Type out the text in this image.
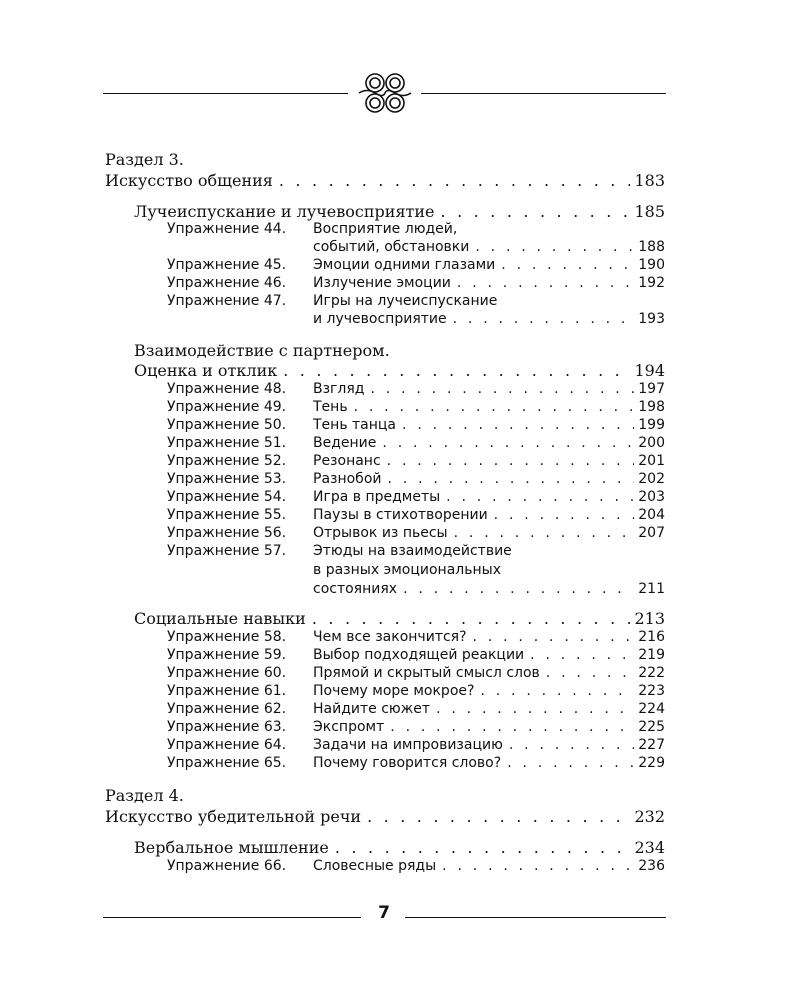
Раздел 3.
Искусство общения . . .	183
Лучеиспускание и лучевосприятие . . .	185
Упражнение 44. Восприятие людей,
событий, обстановки . . .	188
Упражнение 45. Эмоции одними глазами . . .	190
Упражнение 46. Излучение эмоции . . .	192
Упражнение 47. Игры на лучеиспускание
и лучевосприятие . . .	193
Взаимодействие с партнером.
Оценка и отклик . . .	194
Упражнение 48. Взгляд . . .	197
Упражнение 49. Тень . . .	198
Упражнение 50. Тень танца . . .	199
Упражнение 51. Ведение . . .	200
Упражнение 52. Резонанс . . .	201
Упражнение 53. Разнобой . . .	202
Упражнение 54. Игра в предметы . . .	203
Упражнение 55. Паузы в стихотворении . . .	204
Упражнение 56. Отрывок из пьесы . . .	207
Упражнение 57. Этюды на взаимодействие
в разных эмоциональных
состояниях . . .	211
Социальные навыки . . .	213
Упражнение 58. Чем все закончится? . . .	216
Упражнение 59. Выбор подходящей реакции . . .	219
Упражнение 60. Прямой и скрытый смысл слов . . .	222
Упражнение 61. Почему море мокрое? . . .	223
Упражнение 62. Найдите сюжет . . .	224
Упражнение 63. Экспромт . . .	225
Упражнение 64. Задачи на импровизацию . . .	227
Упражнение 65. Почему говорится слово? . . .	229
Раздел 4.
Искусство убедительной речи . . .	232
Вербальное мышление . . .	234
Упражнение 66. Словесные ряды . . .	236
7
